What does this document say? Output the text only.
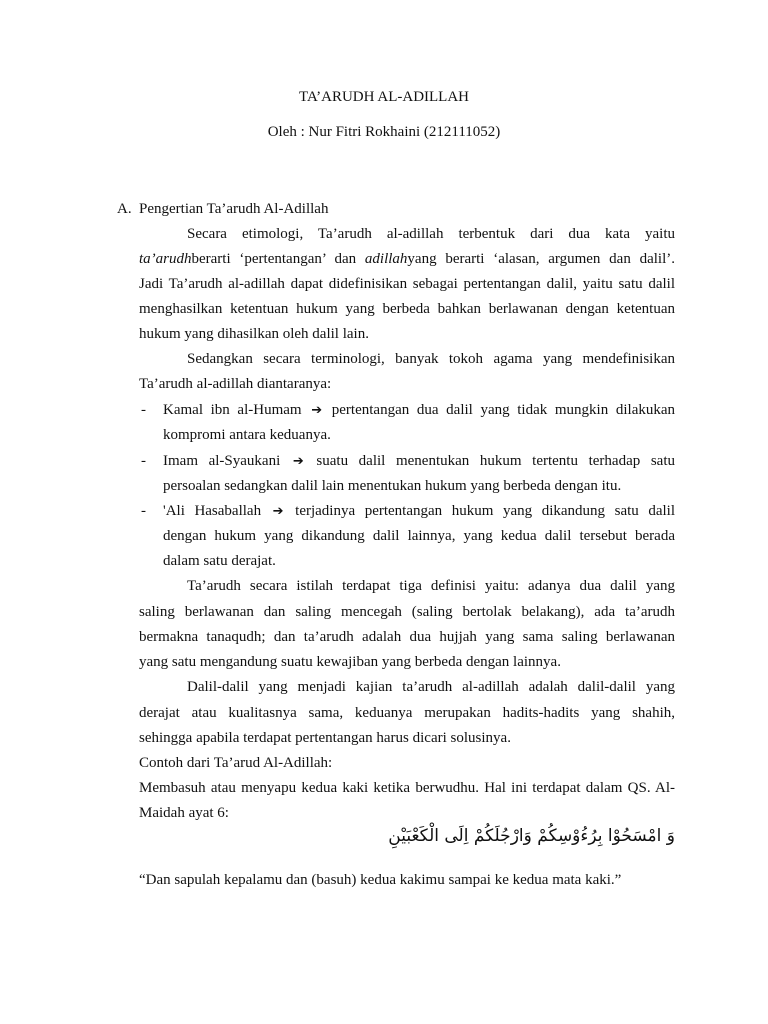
TA’ARUDH AL-ADILLAH
Oleh : Nur Fitri Rokhaini (212111052)
A. Pengertian Ta’arudh Al-Adillah
Secara etimologi, Ta’arudh al-adillah terbentuk dari dua kata yaitu
ta’arudhberarti ‘pertentangan’ dan adillahyang berarti ‘alasan, argumen dan dalil’.
Jadi Ta’arudh al-adillah dapat didefinisikan sebagai pertentangan dalil, yaitu satu dalil
menghasilkan ketentuan hukum yang berbeda bahkan berlawanan dengan ketentuan
hukum yang dihasilkan oleh dalil lain.
Sedangkan secara terminologi, banyak tokoh agama yang mendefinisikan
Ta’arudh al-adillah diantaranya:
- Kamal ibn al-Humam ➔ pertentangan dua dalil yang tidak mungkin dilakukan
kompromi antara keduanya.
- Imam al-Syaukani ➔ suatu dalil menentukan hukum tertentu terhadap satu
persoalan sedangkan dalil lain menentukan hukum yang berbeda dengan itu.
- 'Ali Hasaballah ➔ terjadinya pertentangan hukum yang dikandung satu dalil
dengan hukum yang dikandung dalil lainnya, yang kedua dalil tersebut berada
dalam satu derajat.
Ta’arudh secara istilah terdapat tiga definisi yaitu: adanya dua dalil yang
saling berlawanan dan saling mencegah (saling bertolak belakang), ada ta’arudh
bermakna tanaqudh; dan ta’arudh adalah dua hujjah yang sama saling berlawanan
yang satu mengandung suatu kewajiban yang berbeda dengan lainnya.
Dalil-dalil yang menjadi kajian ta’arudh al-adillah adalah dalil-dalil yang
derajat atau kualitasnya sama, keduanya merupakan hadits-hadits yang shahih,
sehingga apabila terdapat pertentangan harus dicari solusinya.
Contoh dari Ta’arud Al-Adillah:
Membasuh atau menyapu kedua kaki ketika berwudhu. Hal ini terdapat dalam QS. Al-
Maidah ayat 6:
وَ امْسَحُوْا بِرُءُوْسِكُمْ وَارْجُلَكُمْ اِلَى الْكَعْبَيْنِ
“Dan sapulah kepalamu dan (basuh) kedua kakimu sampai ke kedua mata kaki.”
